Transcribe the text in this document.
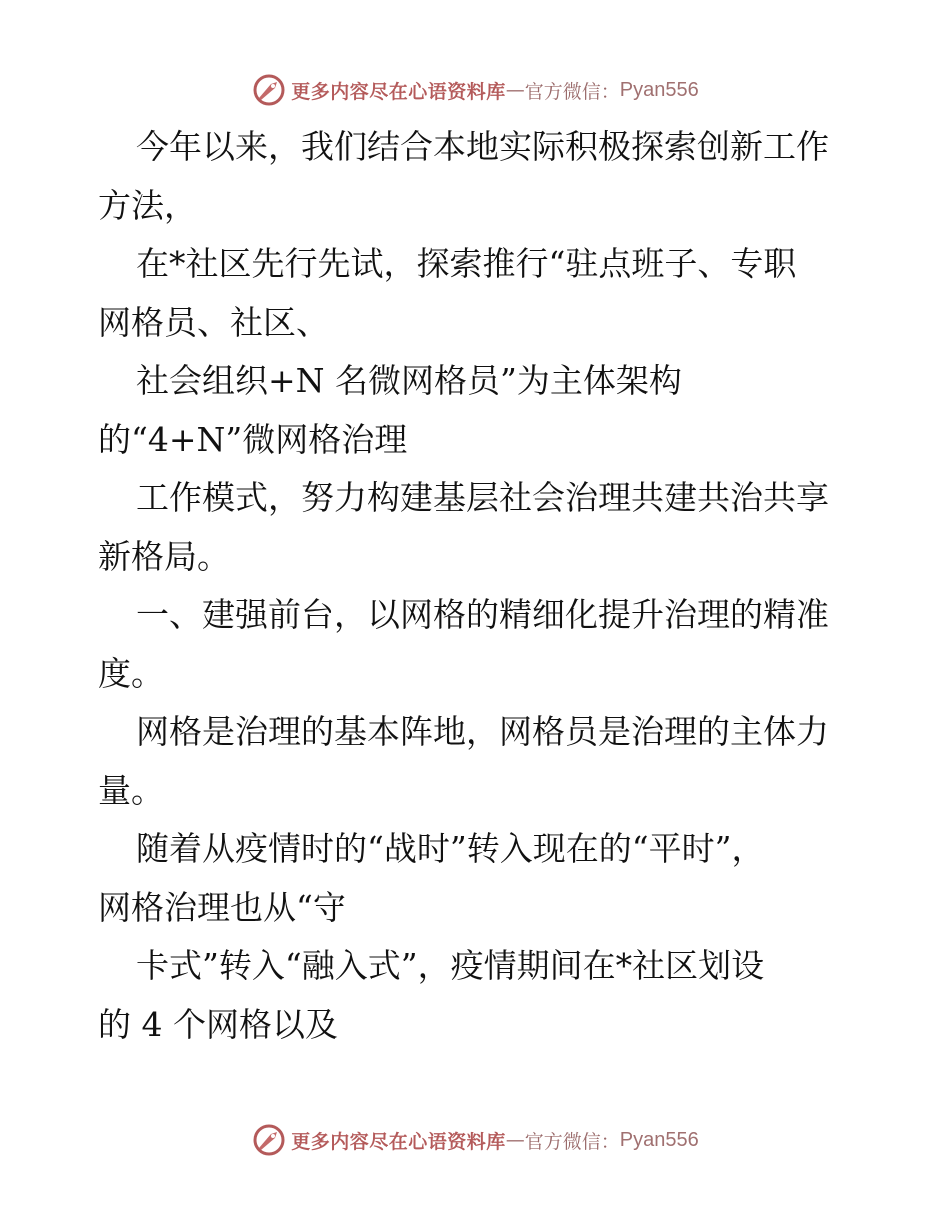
更多内容尽在心语资料库 — 官方微信： Pyan556
今年以来，我们结合本地实际积极探索创新工作
方法，
在*社区先行先试，探索推行“驻点班子、专职
网格员、社区、
社会组织+N 名微网格员”为主体架构
的“4+N”微网格治理
工作模式，努力构建基层社会治理共建共治共享
新格局。
一、建强前台，以网格的精细化提升治理的精准
度。
网格是治理的基本阵地，网格员是治理的主体力
量。
随着从疫情时的“战时”转入现在的“平时”，
网格治理也从“守
卡式”转入“融入式”，疫情期间在*社区划设
的 4 个网格以及
更多内容尽在心语资料库 — 官方微信： Pyan556
